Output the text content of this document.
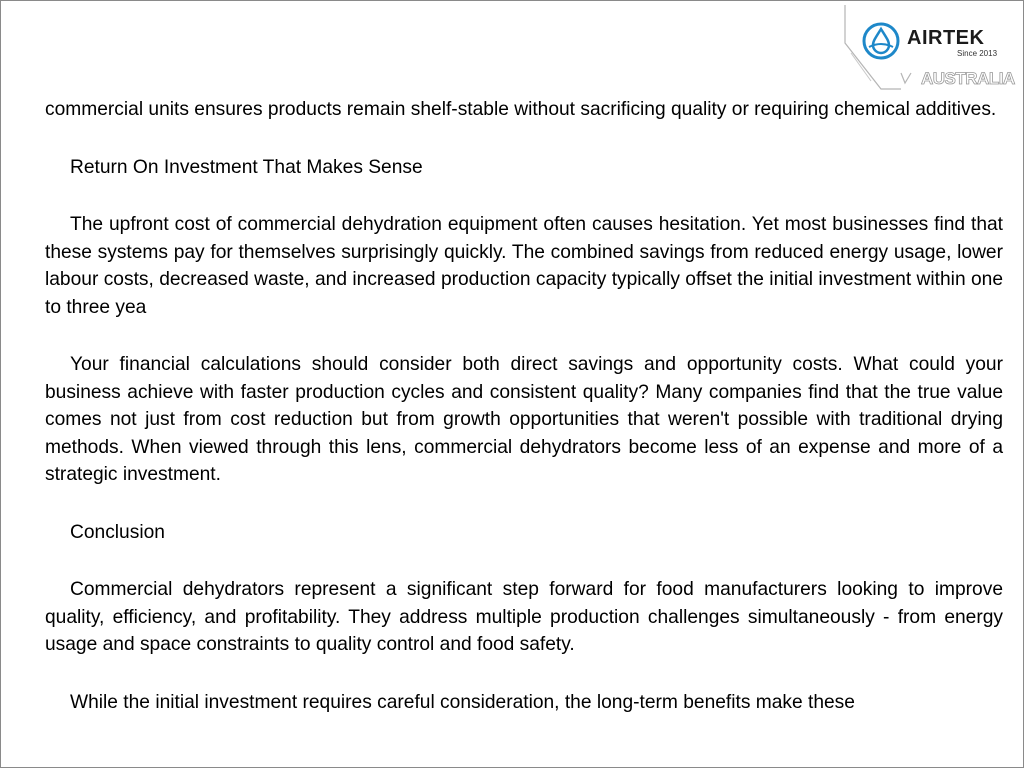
AIRTEK
Since 2013
AUSTRALIA

commercial units ensures products remain shelf-stable without sacrificing quality or requiring chemical additives.

Return On Investment That Makes Sense

The upfront cost of commercial dehydration equipment often causes hesitation. Yet most businesses find that these systems pay for themselves surprisingly quickly. The combined savings from reduced energy usage, lower labour costs, decreased waste, and increased production capacity typically offset the initial investment within one to three yea

Your financial calculations should consider both direct savings and opportunity costs. What could your business achieve with faster production cycles and consistent quality? Many companies find that the true value comes not just from cost reduction but from growth opportunities that weren't possible with traditional drying methods. When viewed through this lens, commercial dehydrators become less of an expense and more of a strategic investment.

Conclusion

Commercial dehydrators represent a significant step forward for food manufacturers looking to improve quality, efficiency, and profitability. They address multiple production challenges simultaneously - from energy usage and space constraints to quality control and food safety.

While the initial investment requires careful consideration, the long-term benefits make these
